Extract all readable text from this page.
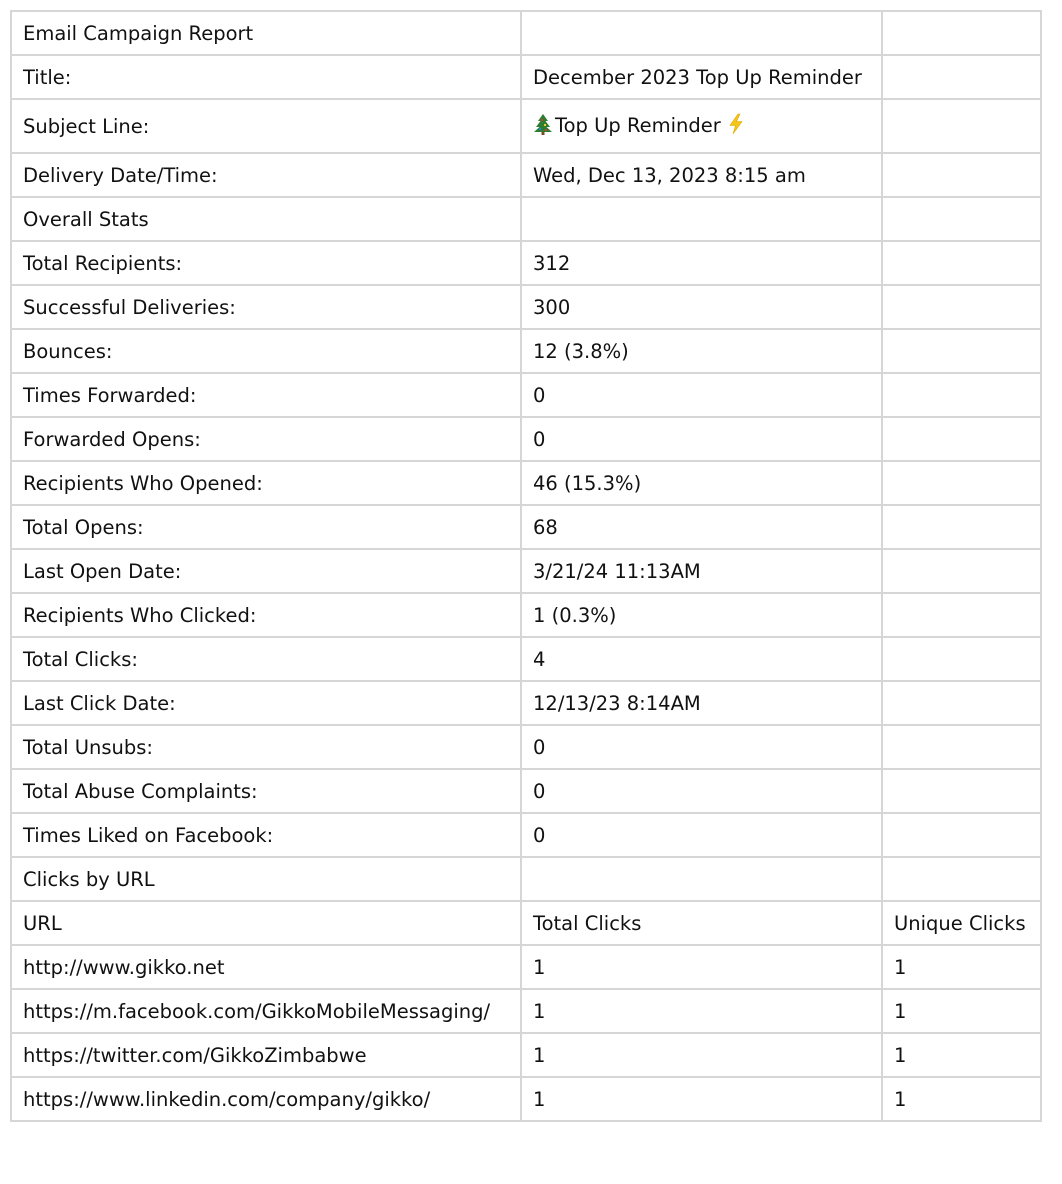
Email Campaign Report		
Title:	December 2023 Top Up Reminder	
Subject Line:	Top Up Reminder	
Delivery Date/Time:	Wed, Dec 13, 2023 8:15 am	
Overall Stats		
Total Recipients:	312	
Successful Deliveries:	300	
Bounces:	12 (3.8%)	
Times Forwarded:	0	
Forwarded Opens:	0	
Recipients Who Opened:	46 (15.3%)	
Total Opens:	68	
Last Open Date:	3/21/24 11:13AM	
Recipients Who Clicked:	1 (0.3%)	
Total Clicks:	4	
Last Click Date:	12/13/23 8:14AM	
Total Unsubs:	0	
Total Abuse Complaints:	0	
Times Liked on Facebook:	0	
Clicks by URL		
URL	Total Clicks	Unique Clicks
http://www.gikko.net	1	1
https://m.facebook.com/GikkoMobileMessaging/	1	1
https://twitter.com/GikkoZimbabwe	1	1
https://www.linkedin.com/company/gikko/	1	1
